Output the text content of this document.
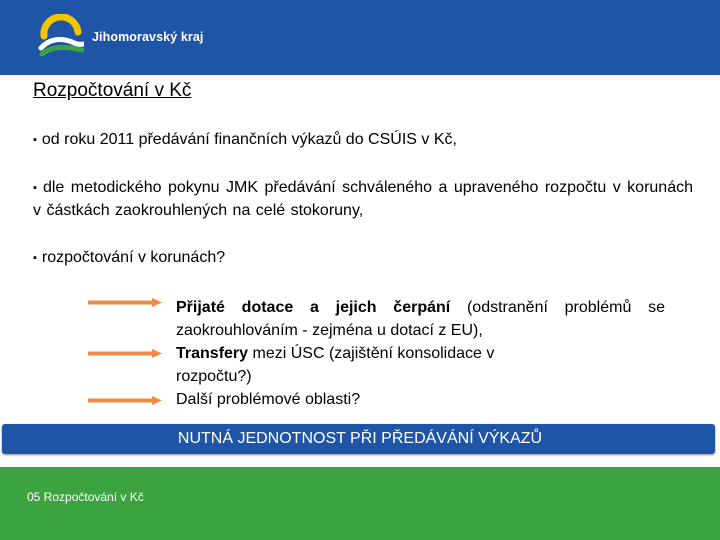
Jihomoravský kraj
Rozpočtování v Kč
▪ od roku 2011 předávání finančních výkazů do CSÚIS v Kč,
▪ dle metodického pokynu JMK předávání schváleného a upraveného rozpočtu v korunách v částkách zaokrouhlených na celé stokoruny,
▪ rozpočtování v korunách?

Přijaté dotace a jejich čerpání (odstranění problémů se zaokrouhlováním - zejména u dotací z EU),

Transfery mezi ÚSC (zajištění konsolidace v
rozpočtu?)

Další problémové oblasti?

NUTNÁ JEDNOTNOST PŘI PŘEDÁVÁNÍ VÝKAZŮ
05 Rozpočtování v Kč
